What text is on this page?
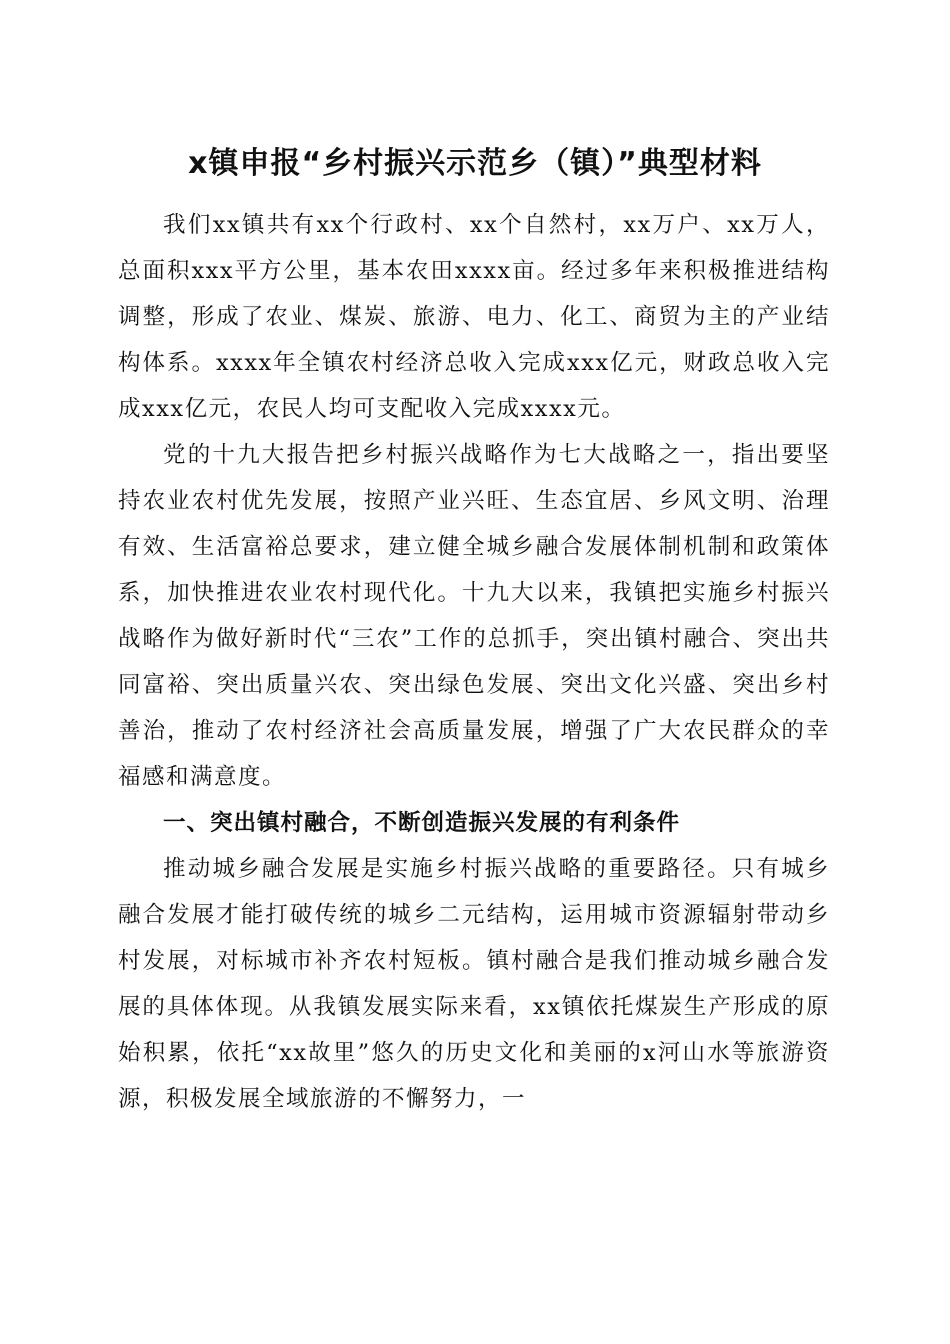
x镇申报“乡村振兴示范乡（镇）”典型材料

我们xx镇共有xx个行政村、xx个自然村，xx万户、xx万人，总面积xxx平方公里，基本农田xxxx亩。经过多年来积极推进结构调整，形成了农业、煤炭、旅游、电力、化工、商贸为主的产业结构体系。xxxx年全镇农村经济总收入完成xxx亿元，财政总收入完成xxx亿元，农民人均可支配收入完成xxxx元。

党的十九大报告把乡村振兴战略作为七大战略之一，指出要坚持农业农村优先发展，按照产业兴旺、生态宜居、乡风文明、治理有效、生活富裕总要求，建立健全城乡融合发展体制机制和政策体系，加快推进农业农村现代化。十九大以来，我镇把实施乡村振兴战略作为做好新时代“三农”工作的总抓手，突出镇村融合、突出共同富裕、突出质量兴农、突出绿色发展、突出文化兴盛、突出乡村善治，推动了农村经济社会高质量发展，增强了广大农民群众的幸福感和满意度。

一、突出镇村融合，不断创造振兴发展的有利条件

推动城乡融合发展是实施乡村振兴战略的重要路径。只有城乡融合发展才能打破传统的城乡二元结构，运用城市资源辐射带动乡村发展，对标城市补齐农村短板。镇村融合是我们推动城乡融合发展的具体体现。从我镇发展实际来看，xx镇依托煤炭生产形成的原始积累，依托“xx故里”悠久的历史文化和美丽的x河山水等旅游资源，积极发展全域旅游的不懈努力，一
